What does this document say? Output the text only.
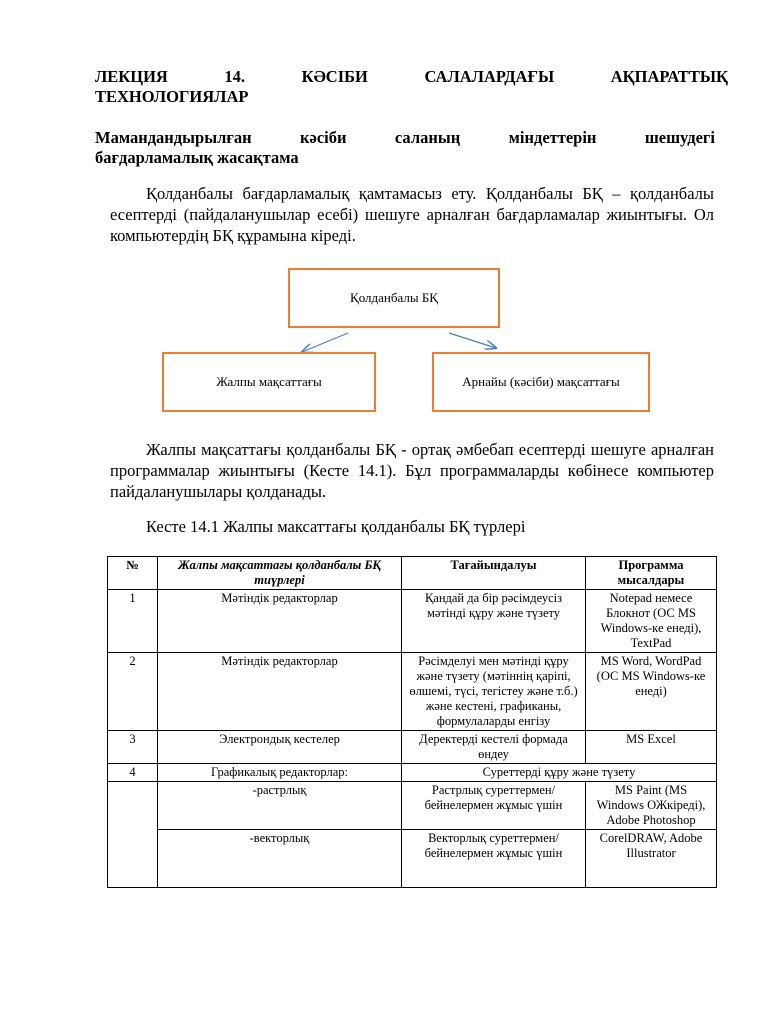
ЛЕКЦИЯ 14. КӘСІБИ САЛАЛАРДАҒЫ АҚПАРАТТЫҚ
ТЕХНОЛОГИЯЛАР
Мамандандырылған кәсіби саланың міндеттерін шешудегі
бағдарламалық жасақтама
Қолданбалы бағдарламалық қамтамасыз ету. Қолданбалы БҚ – қолданбалы есептерді (пайдаланушылар есебі) шешуге арналған бағдарламалар жиынтығы. Ол компьютердің БҚ құрамына кіреді.
Қолданбалы БҚ
Жалпы мақсаттағы	Арнайы (кәсіби) мақсаттағы
Жалпы мақсаттағы қолданбалы БҚ - ортақ әмбебап есептерді шешуге арналған программалар жиынтығы (Кесте 14.1). Бұл программаларды көбінесе компьютер пайдаланушылары қолданады.
Кесте 14.1 Жалпы максаттағы қолданбалы БҚ түрлері
№	Жалпы мақсаттағы қолданбалы БҚ тиүрлері	Тағайындалуы	Программа мысалдары
1	Мәтіндік редакторлар	Қандай да бір рәсімдеусіз мәтінді құру және түзету	Notepad немесе Блокнот (ОС MS Windows-ке енеді), TextPad
2	Мәтіндік редакторлар	Рәсімделуі мен мәтінді құру және түзету (мәтіннің қаріпі, өлшемі, түсі, тегістеу және т.б.) және кестені, графиканы, формулаларды енгізу	MS Word, WordPad (ОС MS Windows-ке енеді)
3	Электрондық кестелер	Деректерді кестелі формада өндеу	MS Excel
4	Графикалық редакторлар:	Суреттерді құру және түзету	
	-растрлық	Растрлық суреттермен/бейнелермен жұмыс үшін	MS Paint (MS Windows ОЖкіреді), Adobe Photoshop
	-векторлық	Векторлық суреттермен/бейнелермен жұмыс үшін	CorelDRAW, Adobe Illustrator
